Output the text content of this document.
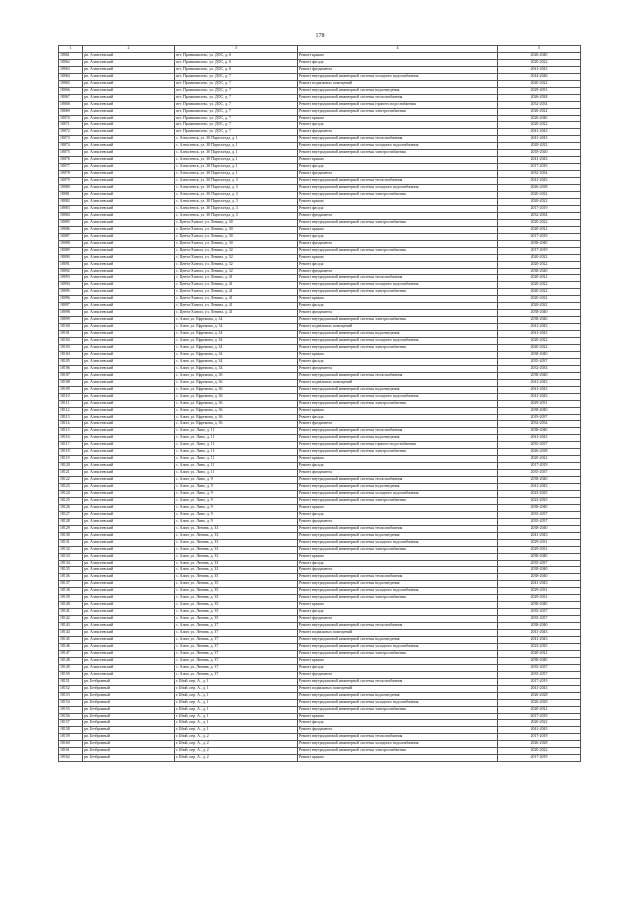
178
1	2	3	4	5
18061	рп. Алексеевский	пгт. Промкомплекс, ул. ДОС, д. 6	Ремонт крыши	2026-2040
18062	рп. Алексеевский	пгт. Промкомплекс, ул. ДОС, д. 6	Ремонт фасада	2020-2022
18063	рп. Алексеевский	пгт. Промкомплекс, ул. ДОС, д. 6	Ремонт фундамента	2041-2043
18064	рп. Алексеевский	пгт. Промкомплекс, ул. ДОС, д. 7	Ремонт внутридомовой инженерной системы холодного водоснабжения	2044-2046
18065	рп. Алексеевский	пгт. Промкомплекс, ул. ДОС, д. 7	Ремонт подвальных помещений	2020-2022
18066	рп. Алексеевский	пгт. Промкомплекс, ул. ДОС, д. 7	Ремонт внутридомовой инженерной системы водоотведения	2029-2031
18067	рп. Алексеевский	пгт. Промкомплекс, ул. ДОС, д. 7	Ремонт внутридомовой инженерной системы теплоснабжения	2026-2028
18068	рп. Алексеевский	пгт. Промкомплекс, ул. ДОС, д. 7	Ремонт внутридомовой инженерной системы горячего водоснабжения	2032-2034
18069	рп. Алексеевский	пгт. Промкомплекс, ул. ДОС, д. 7	Ремонт внутридомовой инженерной системы электроснабжения	2020-2022
18070	рп. Алексеевский	пгт. Промкомплекс, ул. ДОС, д. 7	Ремонт крыши	2026-2040
18071	рп. Алексеевский	пгт. Промкомплекс, ул. ДОС, д. 7	Ремонт фасада	2020-2022
18072	рп. Алексеевский	пгт. Промкомплекс, ул. ДОС, д. 7	Ремонт фундамента	2041-2043
18073	рп. Алексеевский	с. Алексеевск, ул. 30 Партсъезда, д. 1	Ремонт внутридомовой инженерной системы теплоснабжения	2041-2043
18074	рп. Алексеевский	с. Алексеевск, ул. 30 Партсъезда, д. 1	Ремонт внутридомовой инженерной системы холодного водоснабжения	2020-2022
18075	рп. Алексеевский	с. Алексеевск, ул. 30 Партсъезда, д. 1	Ремонт внутридомовой инженерной системы электроснабжения	2018-2020
18076	рп. Алексеевский	с. Алексеевск, ул. 30 Партсъезда, д. 1	Ремонт крыши	2041-2043
18077	рп. Алексеевский	с. Алексеевск, ул. 30 Партсъезда, д. 1	Ремонт фасада	2017-2019
18078	рп. Алексеевский	с. Алексеевск, ул. 30 Партсъезда, д. 1	Ремонт фундамента	2032-2034
18079	рп. Алексеевский	с. Алексеевск, ул. 30 Партсъезда, д. 3	Ремонт внутридомовой инженерной системы теплоснабжения	2041-2043
18080	рп. Алексеевский	с. Алексеевск, ул. 30 Партсъезда, д. 3	Ремонт внутридомовой инженерной системы холодного водоснабжения	2026-2028
18081	рп. Алексеевский	с. Алексеевск, ул. 30 Партсъезда, д. 3	Ремонт внутридомовой инженерной системы электроснабжения	2020-2022
18082	рп. Алексеевский	с. Алексеевск, ул. 30 Партсъезда, д. 3	Ремонт крыши	2020-2022
18083	рп. Алексеевский	с. Алексеевск, ул. 30 Партсъезда, д. 3	Ремонт фасада	2017-2019
18084	рп. Алексеевский	с. Алексеевск, ул. 30 Партсъезда, д. 3	Ремонт фундамента	2032-2034
18085	рп. Алексеевский	с. Цента-Хангал, ул. Ленина, д. 30	Ремонт внутридомовой инженерной системы электроснабжения	2020-2022
18086	рп. Алексеевский	с. Цента-Хангал, ул. Ленина, д. 30	Ремонт крыши	2020-2022
18087	рп. Алексеевский	с. Цента-Хангал, ул. Ленина, д. 30	Ремонт фасада	2017-2019
18088	рп. Алексеевский	с. Цента-Хангал, ул. Ленина, д. 30	Ремонт фундамента	2038-2040
18089	рп. Алексеевский	с. Цента-Хангал, ул. Ленина, д. 32	Ремонт внутридомовой инженерной системы электроснабжения	2017-2019
18090	рп. Алексеевский	с. Цента-Хангал, ул. Ленина, д. 32	Ремонт крыши	2020-2022
18091	рп. Алексеевский	с. Цента-Хангал, ул. Ленина, д. 32	Ремонт фасада	2020-2022
18092	рп. Алексеевский	с. Цента-Хангал, ул. Ленина, д. 32	Ремонт фундамента	2038-2040
18093	рп. Алексеевский	с. Цента-Хангал, ул. Ленина, д. 41	Ремонт внутридомовой инженерной системы теплоснабжения	2020-2022
18094	рп. Алексеевский	с. Цента-Хангал, ул. Ленина, д. 41	Ремонт внутридомовой инженерной системы холодного водоснабжения	2020-2022
18095	рп. Алексеевский	с. Цента-Хангал, ул. Ленина, д. 41	Ремонт внутридомовой инженерной системы электроснабжения	2020-2022
18096	рп. Алексеевский	с. Цента-Хангал, ул. Ленина, д. 41	Ремонт крыши	2020-2022
18097	рп. Алексеевский	с. Цента-Хангал, ул. Ленина, д. 41	Ремонт фасада	2020-2022
18098	рп. Алексеевский	с. Цента-Хангал, ул. Ленина, д. 41	Ремонт фундамента	2038-2040
18099	рп. Алексеевский	с. Алин, ул. Ефремова, д. 34	Ремонт внутридомовой инженерной системы электроснабжения	2038-2040
18100	рп. Алексеевский	с. Алин, ул. Ефремова, д. 34	Ремонт подвальных помещений	2041-2043
18101	рп. Алексеевский	с. Алин, ул. Ефремова, д. 34	Ремонт внутридомовой инженерной системы водоотведения	2041-2043
18102	рп. Алексеевский	с. Алин, ул. Ефремова, д. 34	Ремонт внутридомовой инженерной системы холодного водоснабжения	2020-2022
18103	рп. Алексеевский	с. Алин, ул. Ефремова, д. 34	Ремонт внутридомовой инженерной системы электроснабжения	2020-2022
18104	рп. Алексеевский	с. Алин, ул. Ефремова, д. 34	Ремонт крыши	2038-2040
18105	рп. Алексеевский	с. Алин, ул. Ефремова, д. 34	Ремонт фасада	2035-2037
18106	рп. Алексеевский	с. Алин, ул. Ефремова, д. 34	Ремонт фундамента	2032-2034
18107	рп. Алексеевский	с. Алин, ул. Ефремова, д. 36	Ремонт внутридомовой инженерной системы теплоснабжения	2038-2040
18108	рп. Алексеевский	с. Алин, ул. Ефремова, д. 36	Ремонт подвальных помещений	2041-2043
18109	рп. Алексеевский	с. Алин, ул. Ефремова, д. 36	Ремонт внутридомовой инженерной системы водоотведения	2041-2043
18110	рп. Алексеевский	с. Алин, ул. Ефремова, д. 36	Ремонт внутридомовой инженерной системы холодного водоснабжения	2041-2043
18111	рп. Алексеевский	с. Алин, ул. Ефремова, д. 36	Ремонт внутридомовой инженерной системы электроснабжения	2029-2031
18112	рп. Алексеевский	с. Алин, ул. Ефремова, д. 36	Ремонт крыши	2038-2040
18113	рп. Алексеевский	с. Алин, ул. Ефремова, д. 36	Ремонт фасада	2019-2037
18114	рп. Алексеевский	с. Алин, ул. Ефремова, д. 36	Ремонт фундамента	2032-2034
18115	рп. Алексеевский	с. Алин, ул. Лино, д. 11	Ремонт внутридомовой инженерной системы теплоснабжения	2038-2040
18116	рп. Алексеевский	с. Алин, ул. Лино, д. 11	Ремонт внутридомовой инженерной системы водоотведения	2041-2043
18117	рп. Алексеевский	с. Алин, ул. Лино, д. 11	Ремонт внутридомовой инженерной системы горячего водоснабжения	2035-2037
18118	рп. Алексеевский	с. Алин, ул. Лино, д. 11	Ремонт внутридомовой инженерной системы электроснабжения	2026-2028
18119	рп. Алексеевский	с. Алин, ул. Лино, д. 11	Ремонт крыши	2020-2022
18120	рп. Алексеевский	с. Алин, ул. Лино, д. 11	Ремонт фасада	2017-2019
18121	рп. Алексеевский	с. Алин, ул. Лино, д. 11	Ремонт фундамента	2035-2037
18122	рп. Алексеевский	с. Алин, ул. Лино, д. 9	Ремонт внутридомовой инженерной системы теплоснабжения	2038-2040
18123	рп. Алексеевский	с. Алин, ул. Лино, д. 9	Ремонт внутридомовой инженерной системы водоотведения	2041-2043
18124	рп. Алексеевский	с. Алин, ул. Лино, д. 9	Ремонт внутридомовой инженерной системы холодного водоснабжения	2023-2025
18125	рп. Алексеевский	с. Алин, ул. Лино, д. 9	Ремонт внутридомовой инженерной системы электроснабжения	2023-2025
18126	рп. Алексеевский	с. Алин, ул. Лино, д. 9	Ремонт крыши	2038-2040
18127	рп. Алексеевский	с. Алин, ул. Лино, д. 9	Ремонт фасада	2035-2037
18128	рп. Алексеевский	с. Алин, ул. Лино, д. 9	Ремонт фундамента	2035-2037
18129	рп. Алексеевский	с. Алин, ул. Ленина, д. 33	Ремонт внутридомовой инженерной системы теплоснабжения	2038-2040
18130	рп. Алексеевский	с. Алин, ул. Ленина, д. 33	Ремонт внутридомовой инженерной системы водоотведения	2041-2043
18131	рп. Алексеевский	с. Алин, ул. Ленина, д. 33	Ремонт внутридомовой инженерной системы холодного водоснабжения	2029-2031
18132	рп. Алексеевский	с. Алин, ул. Ленина, д. 33	Ремонт внутридомовой инженерной системы электроснабжения	2029-2031
18133	рп. Алексеевский	с. Алин, ул. Ленина, д. 33	Ремонт крыши	2038-2040
18134	рп. Алексеевский	с. Алин, ул. Ленина, д. 33	Ремонт фасада	2035-2037
18135	рп. Алексеевский	с. Алин, ул. Ленина, д. 33	Ремонт фундамента	2038-2040
18136	рп. Алексеевский	с. Алин, ул. Ленина, д. 35	Ремонт внутридомовой инженерной системы теплоснабжения	2038-2040
18137	рп. Алексеевский	с. Алин, ул. Ленина, д. 35	Ремонт внутридомовой инженерной системы водоотведения	2041-2043
18138	рп. Алексеевский	с. Алин, ул. Ленина, д. 35	Ремонт внутридомовой инженерной системы холодного водоснабжения	2029-2031
18139	рп. Алексеевский	с. Алин, ул. Ленина, д. 35	Ремонт внутридомовой инженерной системы электроснабжения	2029-2031
18140	рп. Алексеевский	с. Алин, ул. Ленина, д. 35	Ремонт крыши	2038-2040
18141	рп. Алексеевский	с. Алин, ул. Ленина, д. 35	Ремонт фасада	2035-2037
18142	рп. Алексеевский	с. Алин, ул. Ленина, д. 35	Ремонт фундамента	2035-2037
18143	рп. Алексеевский	с. Алин, ул. Ленина, д. 37	Ремонт внутридомовой инженерной системы теплоснабжения	2038-2040
18144	рп. Алексеевский	с. Алин, ул. Ленина, д. 37	Ремонт подвальных помещений	2041-2043
18145	рп. Алексеевский	с. Алин, ул. Ленина, д. 37	Ремонт внутридомовой инженерной системы водоотведения	2041-2043
18146	рп. Алексеевский	с. Алин, ул. Ленина, д. 37	Ремонт внутридомовой инженерной системы холодного водоснабжения	2023-2025
18147	рп. Алексеевский	с. Алин, ул. Ленина, д. 37	Ремонт внутридомовой инженерной системы электроснабжения	2020-2022
18148	рп. Алексеевский	с. Алин, ул. Ленина, д. 37	Ремонт крыши	2038-2040
18149	рп. Алексеевский	с. Алин, ул. Ленина, д. 37	Ремонт фасада	2035-2037
18150	рп. Алексеевский	с. Алин, ул. Ленина, д. 37	Ремонт фундамента	2035-2037
18151	рп. Безбровный	г. Ббий, пер. А., д. 1	Ремонт внутридомовой инженерной системы теплоснабжения	2017-2019
18152	рп. Безбровный	г. Ббий, пер. А., д. 1	Ремонт подвальных помещений	2041-2043
18153	рп. Безбровный	г. Ббий, пер. А., д. 1	Ремонт внутридомовой инженерной системы водоотведения	2026-2028
18154	рп. Безбровный	г. Ббий, пер. А., д. 1	Ремонт внутридомовой инженерной системы холодного водоснабжения	2026-2028
18155	рп. Безбровный	г. Ббий, пер. А., д. 1	Ремонт внутридомовой инженерной системы электроснабжения	2020-2022
18156	рп. Безбровный	г. Ббий, пер. А., д. 1	Ремонт крыши	2017-2019
18157	рп. Безбровный	г. Ббий, пер. А., д. 1	Ремонт фасада	2020-2022
18158	рп. Безбровный	г. Ббий, пер. А., д. 1	Ремонт фундамента	2041-2043
18159	рп. Безбровный	г. Ббий, пер. А., д. 2	Ремонт внутридомовой инженерной системы теплоснабжения	2017-2019
18160	рп. Безбровный	г. Ббий, пер. А., д. 2	Ремонт внутридомовой инженерной системы холодного водоснабжения	2026-2028
18161	рп. Безбровный	г. Ббий, пер. А., д. 2	Ремонт внутридомовой инженерной системы электроснабжения	2020-2022
18162	рп. Безбровный	г. Ббий, пер. А., д. 2	Ремонт крыши	2017-2019
